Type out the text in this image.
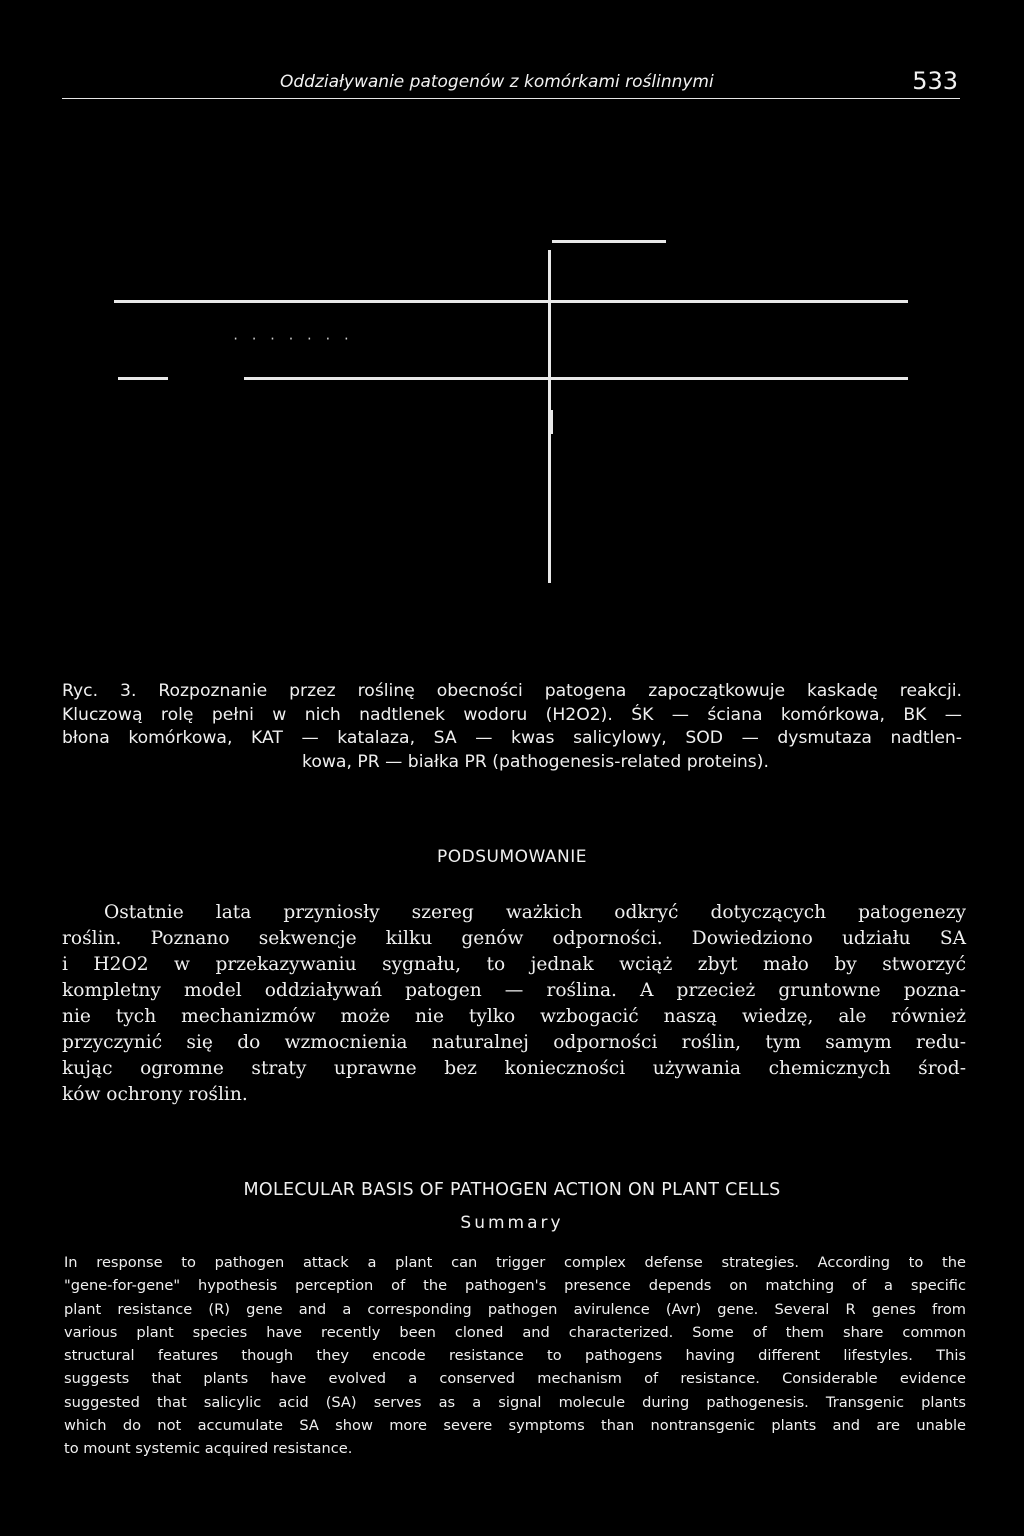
Oddziaływanie patogenów z komórkami roślinnymi	533
· · · · · · ·
Ryc. 3. Rozpoznanie przez roślinę obecności patogena zapoczątkowuje kaskadę reakcji.
Kluczową rolę pełni w nich nadtlenek wodoru (H2O2). ŚK — ściana komórkowa, BK —
błona komórkowa, KAT — katalaza, SA — kwas salicylowy, SOD — dysmutaza nadtlen-
kowa, PR — białka PR (pathogenesis-related proteins).
PODSUMOWANIE
Ostatnie lata przyniosły szereg ważkich odkryć dotyczących patogenezy
roślin. Poznano sekwencje kilku genów odporności. Dowiedziono udziału SA
i H2O2 w przekazywaniu sygnału, to jednak wciąż zbyt mało by stworzyć
kompletny model oddziaływań patogen — roślina. A przecież gruntowne pozna-
nie tych mechanizmów może nie tylko wzbogacić naszą wiedzę, ale również
przyczynić się do wzmocnienia naturalnej odporności roślin, tym samym redu-
kując ogromne straty uprawne bez konieczności używania chemicznych środ-
ków ochrony roślin.
MOLECULAR BASIS OF PATHOGEN ACTION ON PLANT CELLS
Summary
In response to pathogen attack a plant can trigger complex defense strategies. According to the
"gene-for-gene" hypothesis perception of the pathogen's presence depends on matching of a specific
plant resistance (R) gene and a corresponding pathogen avirulence (Avr) gene. Several R genes from
various plant species have recently been cloned and characterized. Some of them share common
structural features though they encode resistance to pathogens having different lifestyles. This
suggests that plants have evolved a conserved mechanism of resistance. Considerable evidence
suggested that salicylic acid (SA) serves as a signal molecule during pathogenesis. Transgenic plants
which do not accumulate SA show more severe symptoms than nontransgenic plants and are unable
to mount systemic acquired resistance.
